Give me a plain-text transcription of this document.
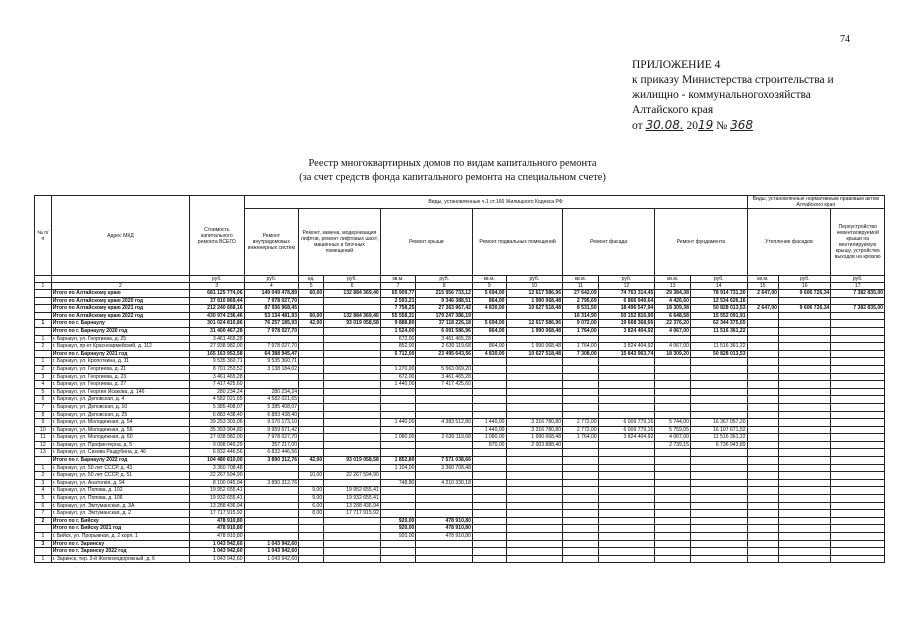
74
ПРИЛОЖЕНИЕ 4
к приказу Министерства строительства и
жилищно - коммунальногохозяйства
Алтайского края
от 30.08. 2019 № 368
Реестр многоквартирных домов по видам капитального ремонта
(за счет средств фонда капитального ремонта на специальном счете)
№ п/п	Адрес МКД	Стоимость капитального ремонта ВСЕГО	Виды, установленные ч.1 ст.166 Жилищного Кодекса РФ											Виды, установленные нормативным правовым актом Алтайского края		
			Ремонт внутридомовых инженерных систем	Ремонт, замена, модернизация лифтов, ремонт лифтовых шахт, машинных и блочных помещений		Ремонт крыши		Ремонт подвальных помещений		Ремонт фасада		Ремонт фундамента		Утепление фасадов		Переустройство невентилируемой крыши на вентилируемую крышу, устройство выходов на кровлю
		руб.	руб.	ед.	руб.	кв.м.	руб.	кв.м.	руб.	кв.м.	руб.	кв.м.	руб.	кв.м.	руб.	руб.
1	2	3	4	5	6	7	8	9	10	11	12	13	14	15	16	17
	Итого по Алтайскому краю	681 125 774,06	149 049 478,89	60,00	132 884 369,40	65 909,77	215 956 733,12	5 694,00	12 617 586,96	27 642,09	74 763 314,45	29 384,38	78 914 731,30	2 647,00	9 606 726,34	7 382 835,00
	Итого по Алтайскому краю 2020 год	37 910 869,44	7 978 027,70			2 593,21	9 346 388,51	864,00	1 990 068,48	2 795,69	6 866 949,64	4 426,60	12 534 626,16			
	Итого по Алтайскому краю 2021 год	212 240 668,16	87 936 968,45			7 758,25	27 363 967,42	4 830,00	10 627 518,48	8 531,50	18 496 547,94	18 309,38	50 828 013,53	2 647,00	9 606 726,34	7 382 835,00
	Итого по Алтайскому краю 2022 год	430 974 236,46	53 134 481,93	60,00	132 884 369,40	55 558,31	179 247 386,19			16 314,90	50 152 816,90	6 648,58	15 552 091,91			
1	Итого по г. Барнаулу	301 024 810,86	76 257 185,93	42,00	93 019 058,58	9 888,80	37 118 226,18	5 694,00	12 617 586,96	9 072,00	19 668 368,66	22 376,20	62 344 375,65			
	Итого по г. Барнаулу 2020 год	31 400 467,28	7 978 027,70			1 524,00	6 091 586,96	864,00	1 990 068,48	1 764,00	3 824 404,92	4 067,00	11 516 361,22			
1	г. Барнаул, ул. Георгиева, д. 25	3 461 465,28				672,00	3 461 465,28									
2	г. Барнаул, пр-кт Красноармейский, д. 112	27 938 982,00	7 978 027,70			852,00	2 630 119,68	864,00	1 990 068,48	1 764,00	3 824 404,92	4 067,00	11 516 361,22			
	Итого по г. Барнаулу 2021 год	165 163 953,58	64 388 945,47			5 712,00	23 495 643,56	4 830,00	10 627 518,48	7 308,00	15 843 963,74	18 309,20	50 828 013,53			
1	г. Барнаул, ул. Кропоткина, д. 11	9 535 360,71	9 535 360,71													
2	г. Барнаул, ул. Георгиева, д. 21	8 701 253,52	3 138 184,02			1 270,00	5 563 069,20									
3	г. Барнаул, ул. Георгиева, д. 23	3 461 465,28				672,00	3 461 465,28									
4	г. Барнаул, ул. Георгиева, д. 27	7 417 425,60				1 440,00	7 417 425,60									
5	г. Барнаул, ул. Георгия Исакова, д. 146	280 234,24	280 234,24													
6	г. Барнаул, ул. Деповская, д. 4	4 582 021,65	4 582 021,65													
7	г. Барнаул, ул. Деповская, д. 10	5 385 408,07	5 385 408,07													
8	г. Барнаул, ул. Деповская, д. 25	6 883 438,40	6 883 438,40													
9	г. Барнаул, ул. Молодежная, д. 54	39 253 303,06	9 370 173,10			1 440,00	4 383 512,80	1 440,00	3 316 780,80	2 772,00	6 009 779,16	5 744,00	16 367 057,20			
10	г. Барнаул, ул. Молодежная, д. 56	35 393 904,80	9 959 671,42					1 440,00	3 316 780,80	2 772,00	6 009 779,16	5 759,05	16 107 671,52			
11	г. Барнаул, ул. Молодежная, д. 60	27 938 982,00	7 978 027,70			1 080,00	2 630 119,68	1 080,00	1 990 068,48	1 764,00	3 824 404,92	4 067,00	11 516 361,22			
12	г. Барнаул, ул. Профинтерна, д. 5	9 098 049,29	357 217,00					870,00	2 003 888,40			2 739,15	6 736 943,89			
13	г. Барнаул, ул. Сизова Раздубина, д. 46	6 832 446,56	6 832 446,56													
	Итого по г. Барнаулу 2022 год	104 480 810,00	3 890 312,76	42,00	93 019 058,58	1 852,80	7 571 038,66									
1	г. Барнаул, ул. 50 лет СССР, д. 43	3 360 708,48				1 104,00	3 360 708,48									
2	г. Барнаул, ул. 50 лет СССР, д. 51	22 267 594,90		10,00	22 267 594,90											
3	г. Барнаул, ул. Анатолия, д. 94	8 100 045,94	3 890 312,76			748,80	4 210 330,18									
4	г. Барнаул, ул. Попова, д. 102	19 952 655,41		9,00	19 952 655,41											
5	г. Барнаул, ул. Попова, д. 106	19 932 655,41		9,00	19 932 655,41											
6	г. Барнаул, ул. Эмтуманская, д. 3А	13 288 436,94		6,00	13 288 436,94											
7	г. Барнаул, ул. Эмтуманская, д. 2	17 717 915,92		8,00	17 717 915,92											
2	Итого по г. Бийску	478 910,80				920,00	478 910,80									
	Итого по г. Бийску 2021 год	478 910,80				920,00	478 910,80									
1	г. Бийск, ул. Прорывная, д. 2 корп. 1	478 910,80				920,00	478 910,80									
3	Итого по г. Заринску	1 043 942,60	1 043 942,60													
	Итого по г. Заринску 2022 год	1 043 942,60	1 043 942,60													
1	г. Заринск, тер. 3-й Железнодорожный, д. 6	1 043 942,60	1 043 942,60													
